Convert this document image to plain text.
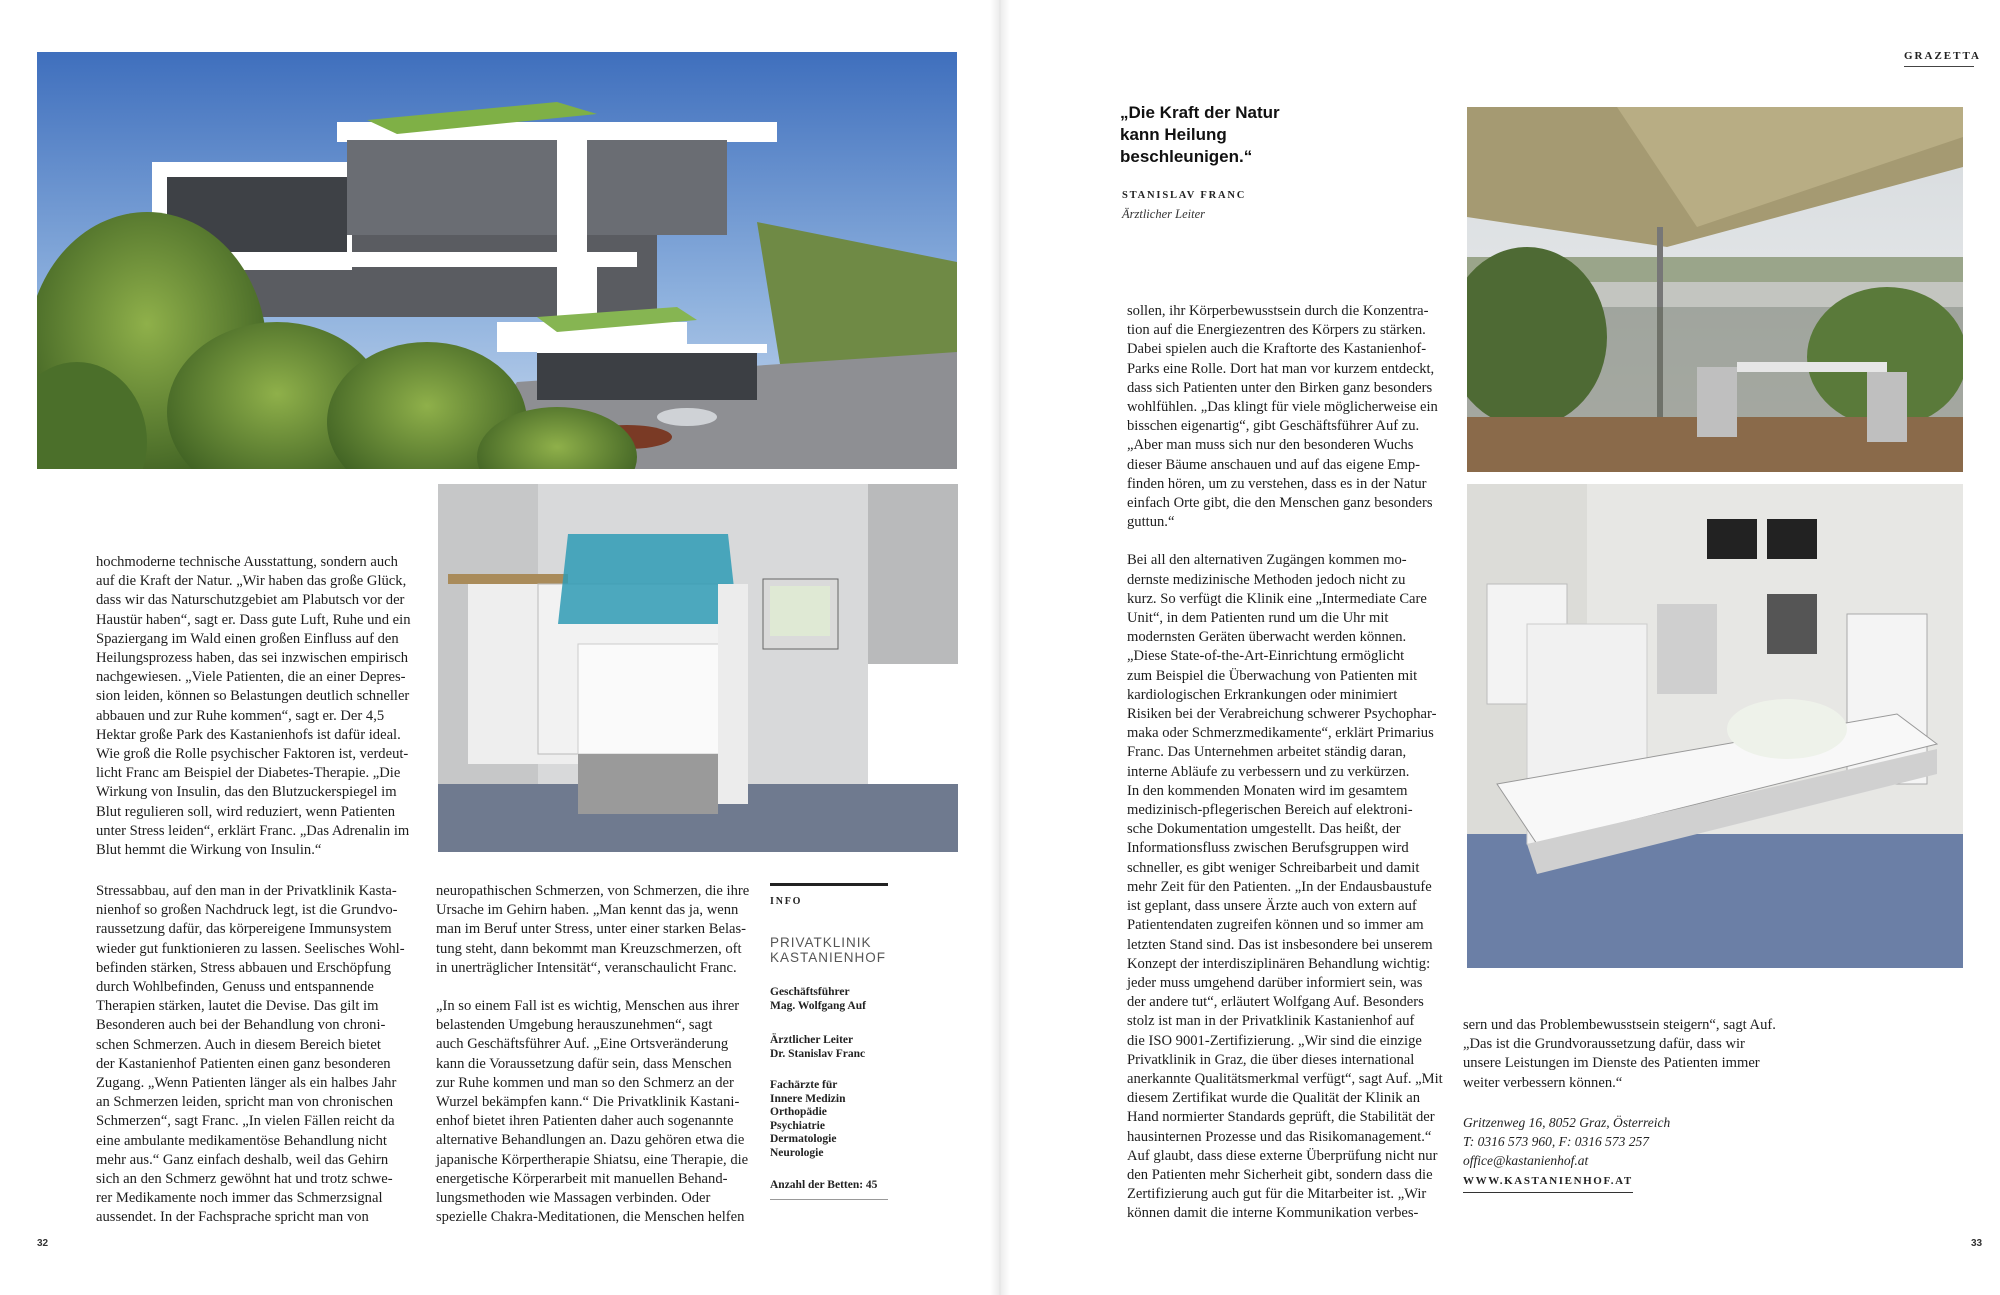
hochmoderne technische Ausstattung, sondern auch
auf die Kraft der Natur. „Wir haben das große Glück,
dass wir das Naturschutzgebiet am Plabutsch vor der
Haustür haben“, sagt er. Dass gute Luft, Ruhe und ein
Spaziergang im Wald einen großen Einfluss auf den
Heilungsprozess haben, das sei inzwischen empirisch
nachgewiesen. „Viele Patienten, die an einer Depres-
sion leiden, können so Belastungen deutlich schneller
abbauen und zur Ruhe kommen“, sagt er. Der 4,5
Hektar große Park des Kastanienhofs ist dafür ideal.
Wie groß die Rolle psychischer Faktoren ist, verdeut-
licht Franc am Beispiel der Diabetes-Therapie. „Die
Wirkung von Insulin, das den Blutzuckerspiegel im
Blut regulieren soll, wird reduziert, wenn Patienten
unter Stress leiden“, erklärt Franc. „Das Adrenalin im
Blut hemmt die Wirkung von Insulin.“

Stressabbau, auf den man in der Privatklinik Kasta-
nienhof so großen Nachdruck legt, ist die Grundvo-
raussetzung dafür, das körpereigene Immunsystem
wieder gut funktionieren zu lassen. Seelisches Wohl-
befinden stärken, Stress abbauen und Erschöpfung
durch Wohlbefinden, Genuss und entspannende
Therapien stärken, lautet die Devise. Das gilt im
Besonderen auch bei der Behandlung von chroni-
schen Schmerzen. Auch in diesem Bereich bietet
der Kastanienhof Patienten einen ganz besonderen
Zugang. „Wenn Patienten länger als ein halbes Jahr
an Schmerzen leiden, spricht man von chronischen
Schmerzen“, sagt Franc. „In vielen Fällen reicht da
eine ambulante medikamentöse Behandlung nicht
mehr aus.“ Ganz einfach deshalb, weil das Gehirn
sich an den Schmerz gewöhnt hat und trotz schwe-
rer Medikamente noch immer das Schmerzsignal
aussendet. In der Fachsprache spricht man von

neuropathischen Schmerzen, von Schmerzen, die ihre
Ursache im Gehirn haben. „Man kennt das ja, wenn
man im Beruf unter Stress, unter einer starken Belas-
tung steht, dann bekommt man Kreuzschmerzen, oft
in unerträglicher Intensität“, veranschaulicht Franc.

„In so einem Fall ist es wichtig, Menschen aus ihrer
belastenden Umgebung herauszunehmen“, sagt
auch Geschäftsführer Auf. „Eine Ortsveränderung
kann die Voraussetzung dafür sein, dass Menschen
zur Ruhe kommen und man so den Schmerz an der
Wurzel bekämpfen kann.“ Die Privatklinik Kastani-
enhof bietet ihren Patienten daher auch sogenannte
alternative Behandlungen an. Dazu gehören etwa die
japanische Körpertherapie Shiatsu, eine Therapie, die
energetische Körperarbeit mit manuellen Behand-
lungsmethoden wie Massagen verbinden. Oder
spezielle Chakra-Meditationen, die Menschen helfen

INFO
PRIVATKLINIK
KASTANIENHOF
Geschäftsführer
Mag. Wolfgang Auf
Ärztlicher Leiter
Dr. Stanislav Franc
Fachärzte für
Innere Medizin
Orthopädie
Psychiatrie
Dermatologie
Neurologie
Anzahl der Betten: 45
32
GRAZETTA
„Die Kraft der Natur
kann Heilung
beschleunigen.“
STANISLAV FRANC
Ärztlicher Leiter

sollen, ihr Körperbewusstsein durch die Konzentra-
tion auf die Energiezentren des Körpers zu stärken.
Dabei spielen auch die Kraftorte des Kastanienhof-
Parks eine Rolle. Dort hat man vor kurzem entdeckt,
dass sich Patienten unter den Birken ganz besonders
wohlfühlen. „Das klingt für viele möglicherweise ein
bisschen eigenartig“, gibt Geschäftsführer Auf zu.
„Aber man muss sich nur den besonderen Wuchs
dieser Bäume anschauen und auf das eigene Emp-
finden hören, um zu verstehen, dass es in der Natur
einfach Orte gibt, die den Menschen ganz besonders
guttun.“

Bei all den alternativen Zugängen kommen mo-
dernste medizinische Methoden jedoch nicht zu
kurz. So verfügt die Klinik eine „Intermediate Care
Unit“, in dem Patienten rund um die Uhr mit
modernsten Geräten überwacht werden können.
„Diese State-of-the-Art-Einrichtung ermöglicht
zum Beispiel die Überwachung von Patienten mit
kardiologischen Erkrankungen oder minimiert
Risiken bei der Verabreichung schwerer Psychophar-
maka oder Schmerzmedikamente“, erklärt Primarius
Franc. Das Unternehmen arbeitet ständig daran,
interne Abläufe zu verbessern und zu verkürzen.
In den kommenden Monaten wird im gesamtem
medizinisch-pflegerischen Bereich auf elektroni-
sche Dokumentation umgestellt. Das heißt, der
Informationsfluss zwischen Berufsgruppen wird
schneller, es gibt weniger Schreibarbeit und damit
mehr Zeit für den Patienten. „In der Endausbaustufe
ist geplant, dass unsere Ärzte auch von extern auf
Patientendaten zugreifen können und so immer am
letzten Stand sind. Das ist insbesondere bei unserem
Konzept der interdisziplinären Behandlung wichtig:
jeder muss umgehend darüber informiert sein, was
der andere tut“, erläutert Wolfgang Auf. Besonders
stolz ist man in der Privatklinik Kastanienhof auf
die ISO 9001-Zertifizierung. „Wir sind die einzige
Privatklinik in Graz, die über dieses international
anerkannte Qualitätsmerkmal verfügt“, sagt Auf. „Mit
diesem Zertifikat wurde die Qualität der Klinik an
Hand normierter Standards geprüft, die Stabilität der
hausinternen Prozesse und das Risikomanagement.“
Auf glaubt, dass diese externe Überprüfung nicht nur
den Patienten mehr Sicherheit gibt, sondern dass die
Zertifizierung auch gut für die Mitarbeiter ist. „Wir
können damit die interne Kommunikation verbes-

sern und das Problembewusstsein steigern“, sagt Auf.
„Das ist die Grundvoraussetzung dafür, dass wir
unsere Leistungen im Dienste des Patienten immer
weiter verbessern können.“

Gritzenweg 16, 8052 Graz, Österreich
T: 0316 573 960, F: 0316 573 257
office@kastanienhof.at
WWW.KASTANIENHOF.AT
33
